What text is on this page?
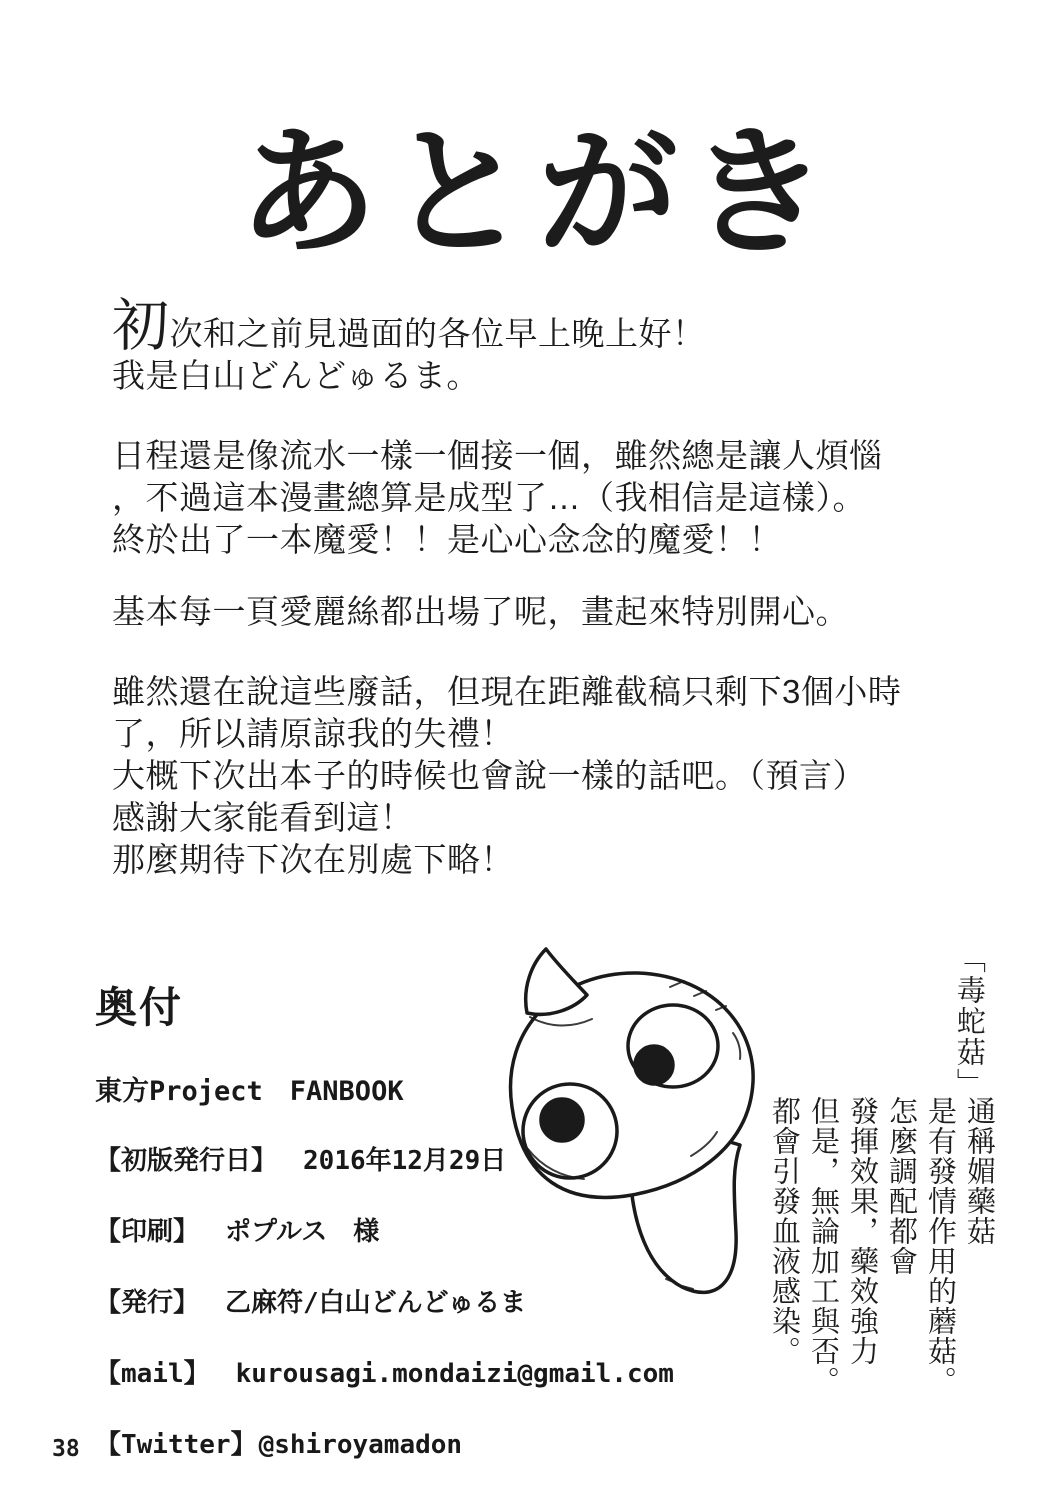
あとがき
初次和之前見過面的各位早上晚上好！
我是白山どんどゅるま。
日程還是像流水一樣一個接一個，雖然總是讓人煩惱
，不過這本漫畫總算是成型了…（我相信是這樣）。
終於出了一本魔愛！！是心心念念的魔愛！！
基本每一頁愛麗絲都出場了呢，畫起來特別開心。
雖然還在說這些廢話，但現在距離截稿只剩下3個小時
了，所以請原諒我的失禮！
大概下次出本子的時候也會說一樣的話吧。（預言）
感謝大家能看到這！
那麼期待下次在別處下略！
奥付
東方Project　FANBOOK
【初版発行日】 2016年12月29日
【印刷】 ポプルス　様
【発行】 乙麻符/白山どんどゅるま
【mail】 kurousagi.mondaizi@gmail.com
【Twitter】 @shiroyamadon
「毒蛇菇」
通稱媚藥菇
是有發情作用的蘑菇。
怎麼調配都會
發揮效果，藥效強力
但是，無論加工與否。
都會引發血液感染。
38
